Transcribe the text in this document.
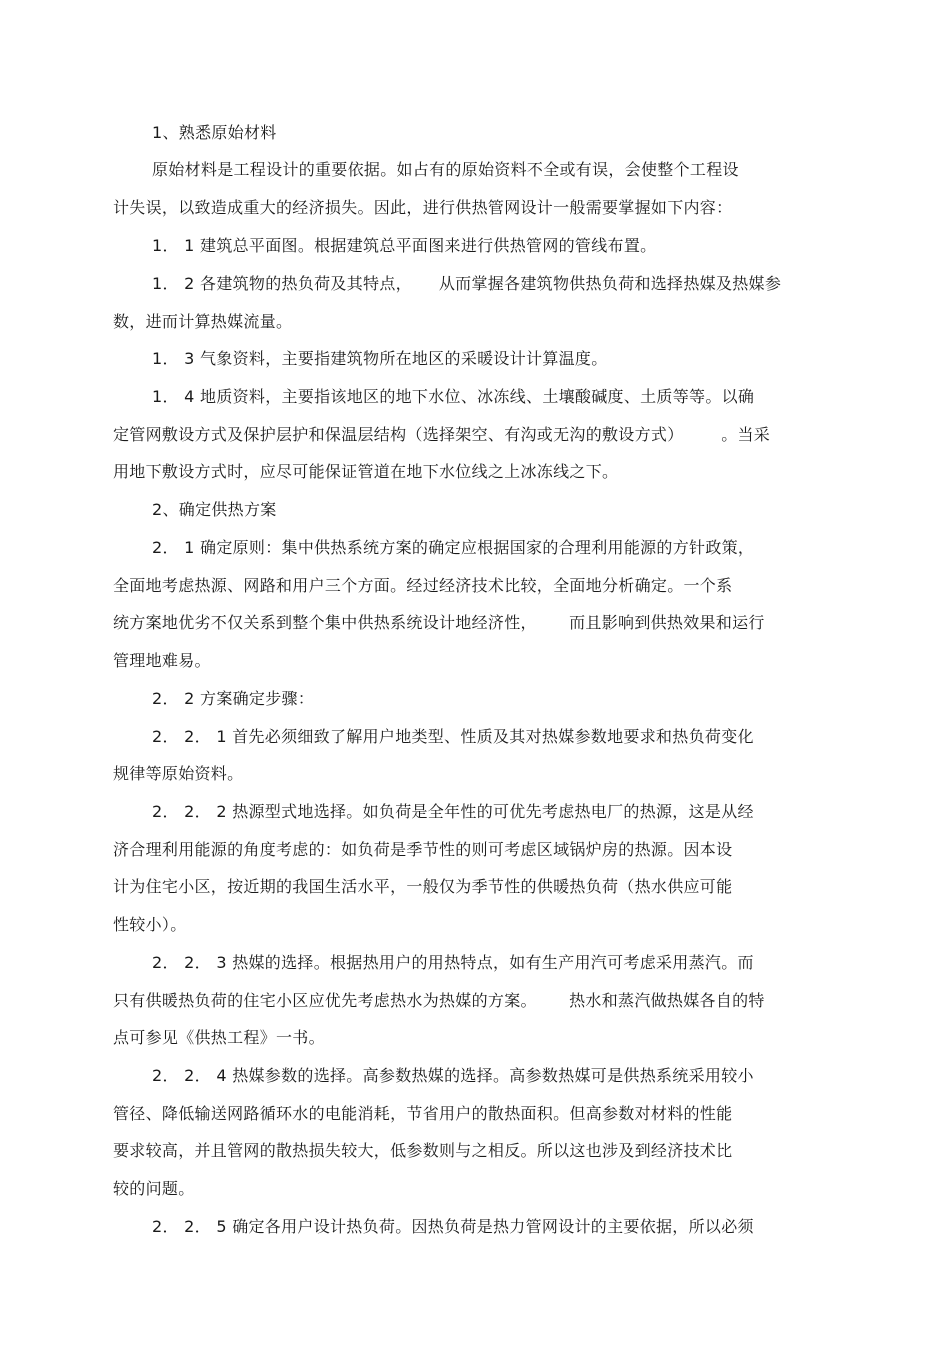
1、熟悉原始材料
原始材料是工程设计的重要依据。如占有的原始资料不全或有误，会使整个工程设
计失误，以致造成重大的经济损失。因此，进行供热管网设计一般需要掌握如下内容：
1． 1 建筑总平面图。根据建筑总平面图来进行供热管网的管线布置。
1． 2 各建筑物的热负荷及其特点，     从而掌握各建筑物供热负荷和选择热媒及热媒参
数，进而计算热媒流量。
1． 3 气象资料，主要指建筑物所在地区的采暖设计计算温度。
1． 4 地质资料，主要指该地区的地下水位、冰冻线、土壤酸碱度、土质等等。以确
定管网敷设方式及保护层护和保温层结构（选择架空、有沟或无沟的敷设方式）       。当采
用地下敷设方式时，应尽可能保证管道在地下水位线之上冰冻线之下。
2、确定供热方案
2． 1 确定原则：集中供热系统方案的确定应根据国家的合理利用能源的方针政策，
全面地考虑热源、网路和用户三个方面。经过经济技术比较，全面地分析确定。一个系
统方案地优劣不仅关系到整个集中供热系统设计地经济性，      而且影响到供热效果和运行
管理地难易。
2． 2 方案确定步骤：
2． 2． 1 首先必须细致了解用户地类型、性质及其对热媒参数地要求和热负荷变化
规律等原始资料。
2． 2． 2 热源型式地选择。如负荷是全年性的可优先考虑热电厂的热源，这是从经
济合理利用能源的角度考虑的：如负荷是季节性的则可考虑区域锅炉房的热源。因本设
计为住宅小区，按近期的我国生活水平，一般仅为季节性的供暖热负荷（热水供应可能
性较小）。
2． 2． 3 热媒的选择。根据热用户的用热特点，如有生产用汽可考虑采用蒸汽。而
只有供暖热负荷的住宅小区应优先考虑热水为热媒的方案。      热水和蒸汽做热媒各自的特
点可参见《供热工程》一书。
2． 2． 4 热媒参数的选择。高参数热媒的选择。高参数热媒可是供热系统采用较小
管径、降低输送网路循环水的电能消耗，节省用户的散热面积。但高参数对材料的性能
要求较高，并且管网的散热损失较大，低参数则与之相反。所以这也涉及到经济技术比
较的问题。
2． 2． 5 确定各用户设计热负荷。因热负荷是热力管网设计的主要依据，所以必须
